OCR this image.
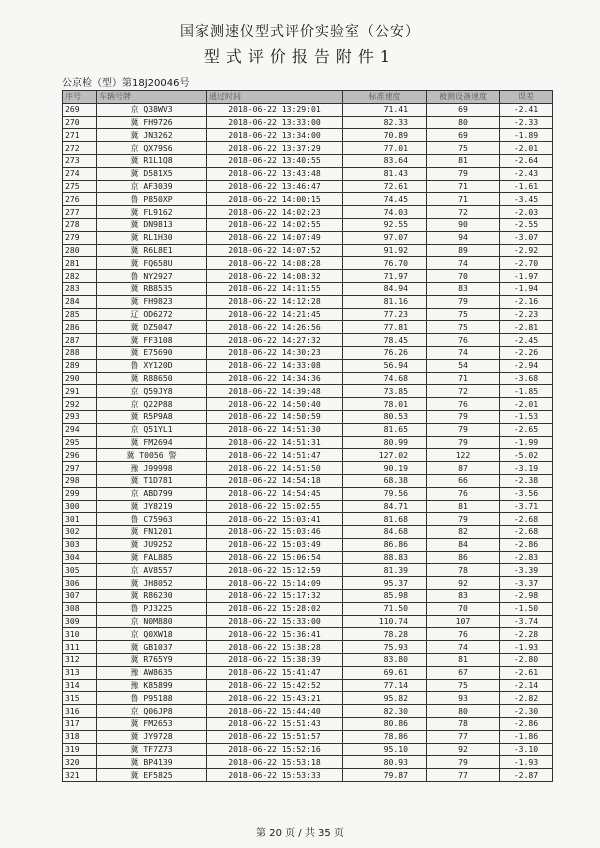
国家测速仪型式评价实验室（公安）
型式评价报告附件1
公京检（型）第18J20046号
序号	车辆号牌	通过时间	标准速度	被测设备速度	误差
269	京 Q38WV3	2018-06-22 13:29:01	71.41	69	-2.41
270	冀 FH9726	2018-06-22 13:33:00	82.33	80	-2.33
271	冀 JN3262	2018-06-22 13:34:00	70.89	69	-1.89
272	京 QX79S6	2018-06-22 13:37:29	77.01	75	-2.01
273	冀 R1L1Q8	2018-06-22 13:40:55	83.64	81	-2.64
274	冀 D581X5	2018-06-22 13:43:48	81.43	79	-2.43
275	京 AF3039	2018-06-22 13:46:47	72.61	71	-1.61
276	鲁 P850XP	2018-06-22 14:00:15	74.45	71	-3.45
277	冀 FL9162	2018-06-22 14:02:23	74.03	72	-2.03
278	冀 DN9813	2018-06-22 14:02:55	92.55	90	-2.55
279	冀 RL1H30	2018-06-22 14:07:49	97.07	94	-3.07
280	冀 R6L8E1	2018-06-22 14:07:52	91.92	89	-2.92
281	冀 FQ658U	2018-06-22 14:08:28	76.70	74	-2.70
282	鲁 NY2927	2018-06-22 14:08:32	71.97	70	-1.97
283	冀 RB8535	2018-06-22 14:11:55	84.94	83	-1.94
284	冀 FH9823	2018-06-22 14:12:28	81.16	79	-2.16
285	辽 OD6272	2018-06-22 14:21:45	77.23	75	-2.23
286	冀 DZ5047	2018-06-22 14:26:56	77.81	75	-2.81
287	冀 FF3108	2018-06-22 14:27:32	78.45	76	-2.45
288	冀 E75690	2018-06-22 14:30:23	76.26	74	-2.26
289	鲁 XY120D	2018-06-22 14:33:08	56.94	54	-2.94
290	冀 R88650	2018-06-22 14:34:36	74.68	71	-3.68
291	京 Q59JY8	2018-06-22 14:39:48	73.85	72	-1.85
292	京 Q22P88	2018-06-22 14:50:40	78.01	76	-2.01
293	冀 R5P9A8	2018-06-22 14:50:59	80.53	79	-1.53
294	京 Q51YL1	2018-06-22 14:51:30	81.65	79	-2.65
295	冀 FM2694	2018-06-22 14:51:31	80.99	79	-1.99
296	冀 T0056 警	2018-06-22 14:51:47	127.02	122	-5.02
297	豫 J99998	2018-06-22 14:51:50	90.19	87	-3.19
298	冀 T1D781	2018-06-22 14:54:18	68.38	66	-2.38
299	京 ABD799	2018-06-22 14:54:45	79.56	76	-3.56
300	冀 JY8219	2018-06-22 15:02:55	84.71	81	-3.71
301	鲁 C75963	2018-06-22 15:03:41	81.68	79	-2.68
302	冀 FN1201	2018-06-22 15:03:46	84.68	82	-2.68
303	冀 JU9252	2018-06-22 15:03:49	86.86	84	-2.86
304	冀 FAL885	2018-06-22 15:06:54	88.83	86	-2.83
305	京 AV8557	2018-06-22 15:12:59	81.39	78	-3.39
306	冀 JH8052	2018-06-22 15:14:09	95.37	92	-3.37
307	冀 R86230	2018-06-22 15:17:32	85.98	83	-2.98
308	鲁 PJ3225	2018-06-22 15:28:02	71.50	70	-1.50
309	京 N0M880	2018-06-22 15:33:00	110.74	107	-3.74
310	京 Q0XW18	2018-06-22 15:36:41	78.28	76	-2.28
311	冀 GB1037	2018-06-22 15:38:28	75.93	74	-1.93
312	冀 R765Y9	2018-06-22 15:38:39	83.80	81	-2.80
313	豫 AW8635	2018-06-22 15:41:47	69.61	67	-2.61
314	豫 K85899	2018-06-22 15:42:52	77.14	75	-2.14
315	鲁 P95188	2018-06-22 15:43:21	95.82	93	-2.82
316	京 Q06JP8	2018-06-22 15:44:40	82.30	80	-2.30
317	冀 FM2653	2018-06-22 15:51:43	80.86	78	-2.86
318	冀 JY9728	2018-06-22 15:51:57	78.86	77	-1.86
319	冀 TF7Z73	2018-06-22 15:52:16	95.10	92	-3.10
320	冀 BP4139	2018-06-22 15:53:18	80.93	79	-1.93
321	冀 EF5825	2018-06-22 15:53:33	79.87	77	-2.87
第 20 页 / 共 35 页
